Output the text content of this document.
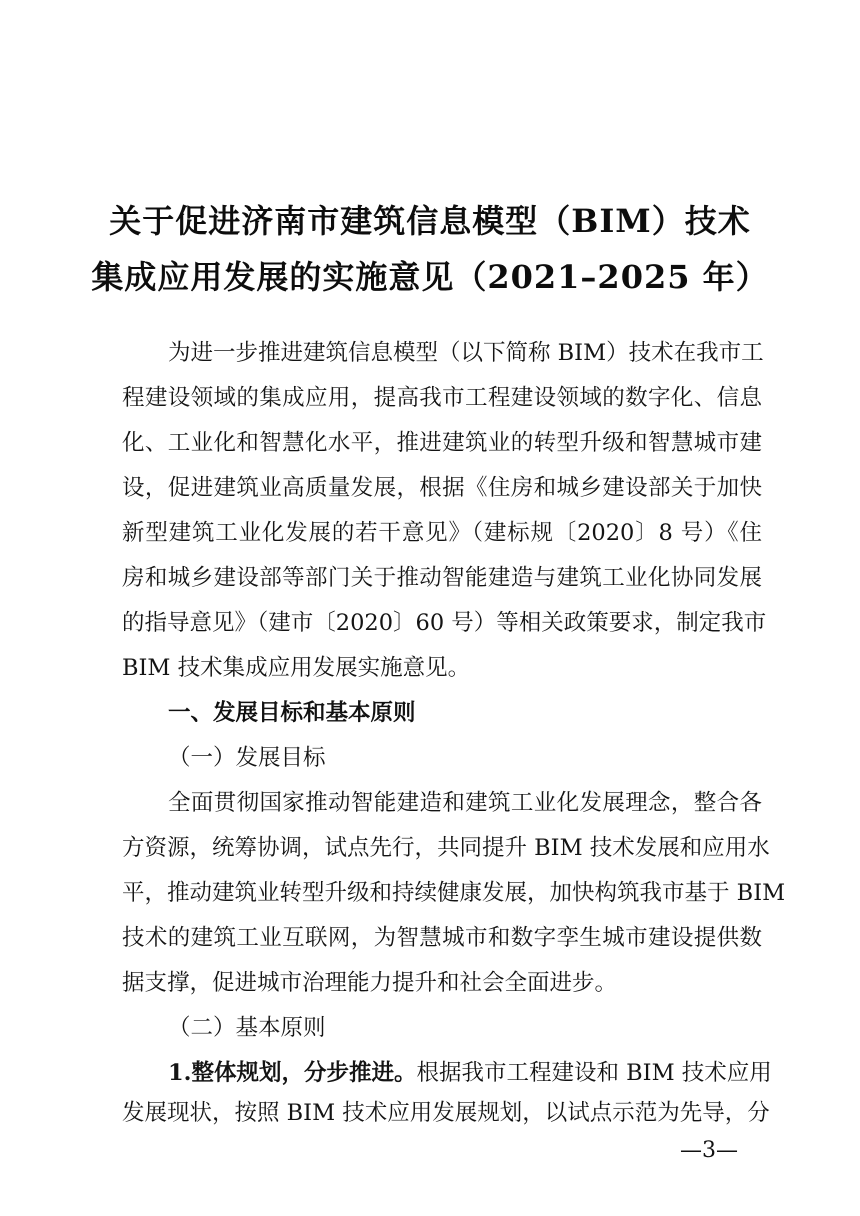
关于促进济南市建筑信息模型（BIM）技术
集成应用发展的实施意见（2021–2025 年）
为进一步推进建筑信息模型（以下简称 BIM）技术在我市工
程建设领域的集成应用，提高我市工程建设领域的数字化、信息
化、工业化和智慧化水平，推进建筑业的转型升级和智慧城市建
设，促进建筑业高质量发展，根据《住房和城乡建设部关于加快
新型建筑工业化发展的若干意见》（建标规〔2020〕8 号）《住
房和城乡建设部等部门关于推动智能建造与建筑工业化协同发展
的指导意见》（建市〔2020〕60 号）等相关政策要求，制定我市
BIM 技术集成应用发展实施意见。
一、发展目标和基本原则
（一）发展目标
全面贯彻国家推动智能建造和建筑工业化发展理念，整合各
方资源，统筹协调，试点先行，共同提升 BIM 技术发展和应用水
平，推动建筑业转型升级和持续健康发展，加快构筑我市基于 BIM
技术的建筑工业互联网，为智慧城市和数字孪生城市建设提供数
据支撑，促进城市治理能力提升和社会全面进步。
（二）基本原则
1.整体规划，分步推进。根据我市工程建设和 BIM 技术应用
发展现状，按照 BIM 技术应用发展规划，以试点示范为先导，分
—3—
